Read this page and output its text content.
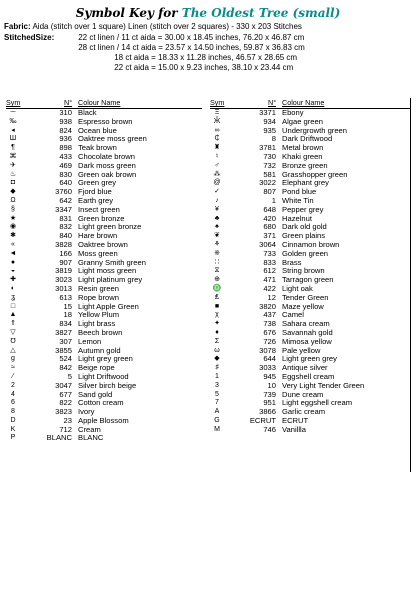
Symbol Key for The Oldest Tree (small)
Fabric: Aida (stitch over 1 square) Linen (stitch over 2 squares) - 330 x 203 Stitches
StitchedSize:	22 ct linen / 11 ct aida = 30.00 x 18.45 inches, 76.20 x 46.87 cm
28 ct linen / 14 ct aida = 23.57 x 14.50 inches, 59.87 x 36.83 cm
18 ct aida = 18.33 x 11.28 inches, 46.57 x 28.65 cm
22 ct aida = 15.00 x 9.23 inches, 38.10 x 23.44 cm
Sym	N° Colour Name
─	310 Black
‰	938 Espresso brown
◂	824 Ocean blue
Ш	936 Oaktree moss green
¶	898 Teak brown
⌘	433 Chocolate brown
✈	469 Dark moss green
♨	830 Green oak brown
◘	640 Green grey
◆	3760 Fjord blue
Ω	642 Earth grey
§	3347 Insect green
★	831 Green bronze
◉	832 Light green bronze
✱	840 Hare brown
«	3828 Oaktree brown
◄	166 Moss green
●	907 Granny Smith green
◒	3819 Light moss green
✚	3023 Light platinum grey
◐	3013 Resin green
ʓ	613 Rope brown
□	15 Light Apple Green
▲	18 Yellow Plum
⇑	834 Light brass
▽	3827 Beech brown
℧	307 Lemon
△	3855 Autumn gold
g	524 Light grey green
≈	842 Beige rope
⁄	5 Light Driftwood
2	3047 Silver birch beige
4	677 Sand gold
6	822 Cotton cream
8	3823 Ivory
D	23 Apple Blossom
K	712 Cream
P	BLANC BLANC
Sym	N° Colour Name
Ξ	3371 Ebony
Ӂ	934 Algae green
∞	935 Undergrowth green
₵	8 Dark Driftwood
♜	3781 Metal brown
♮	730 Khaki green
♂	732 Bronze green
⁂	581 Grasshopper green
@	3022 Elephant grey
✓	807 Pond blue
♪	1 White Tin
¥	648 Pepper grey
♣	420 Hazelnut
♠	680 Dark old gold
❦	371 Green plains
⚘	3064 Cinnamon brown
※	733 Golden green
∷	833 Brass
⧖	612 String brown
⊕	471 Tarragon green
♎	422 Light oak
₤	12 Tender Green
■	3820 Maze yellow
χ	437 Camel
✦	738 Sahara cream
♦	676 Savannah gold
Σ	726 Mimosa yellow
ω	3078 Pale yellow
◆	644 Light green grey
♯	3033 Antique silver
1	945 Eggshell cream
3	10 Very Light Tender Green
5	739 Dune cream
7	951 Light eggshell cream
A	3866 Garlic cream
G	ECRUT ECRUT
M	746 Vanillla
